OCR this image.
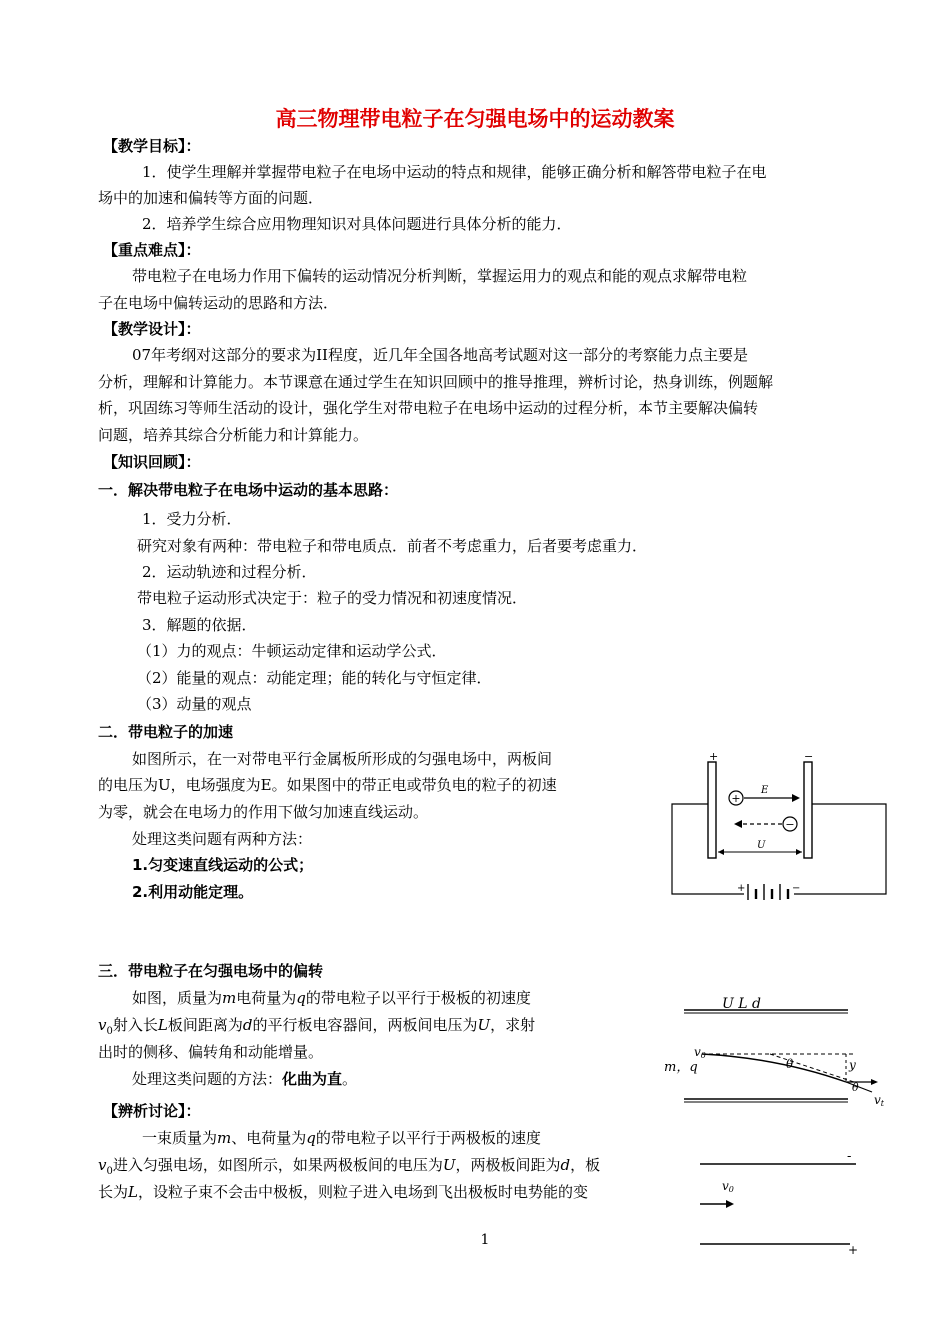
高三物理带电粒子在匀强电场中的运动教案
【教学目标】：
1．使学生理解并掌握带电粒子在电场中运动的特点和规律，能够正确分析和解答带电粒子在电
场中的加速和偏转等方面的问题．
2．培养学生综合应用物理知识对具体问题进行具体分析的能力．
【重点难点】：
带电粒子在电场力作用下偏转的运动情况分析判断，掌握运用力的观点和能的观点求解带电粒
子在电场中偏转运动的思路和方法．
【教学设计】：
07年考纲对这部分的要求为II程度，近几年全国各地高考试题对这一部分的考察能力点主要是
分析，理解和计算能力。本节课意在通过学生在知识回顾中的推导推理，辨析讨论，热身训练，例题解
析，巩固练习等师生活动的设计，强化学生对带电粒子在电场中运动的过程分析，本节主要解决偏转
问题，培养其综合分析能力和计算能力。
【知识回顾】：
一．解决带电粒子在电场中运动的基本思路：
1．受力分析．
研究对象有两种：带电粒子和带电质点．前者不考虑重力，后者要考虑重力．
2．运动轨迹和过程分析．
带电粒子运动形式决定于：粒子的受力情况和初速度情况．
3．解题的依据．
（1）力的观点：牛顿运动定律和运动学公式．
（2）能量的观点：动能定理；能的转化与守恒定律．
（3）动量的观点
二．带电粒子的加速
如图所示，在一对带电平行金属板所形成的匀强电场中，两板间
的电压为U，电场强度为E。如果图中的带正电或带负电的粒子的初速
为零，就会在电场力的作用下做匀加速直线运动。
处理这类问题有两种方法：
1.匀变速直线运动的公式；
2.利用动能定理。
+	−
+	−
+
E
−
U
三．带电粒子在匀强电场中的偏转
如图，质量为m电荷量为q的带电粒子以平行于极板的初速度
$v_0$射入长L板间距离为d的平行板电容器间，两板间电压为U，求射
出时的侧移、偏转角和动能增量。
处理这类问题的方法：化曲为直。
U L d
m，q
v0
θ	y
θ
vt
【辨析讨论】：
一束质量为m、电荷量为q的带电粒子以平行于两极板的速度
$v_0$进入匀强电场，如图所示，如果两极板间的电压为U，两极板间距为d，板
长为L，设粒子束不会击中极板，则粒子进入电场到飞出极板时电势能的变
-
v0
+
1
